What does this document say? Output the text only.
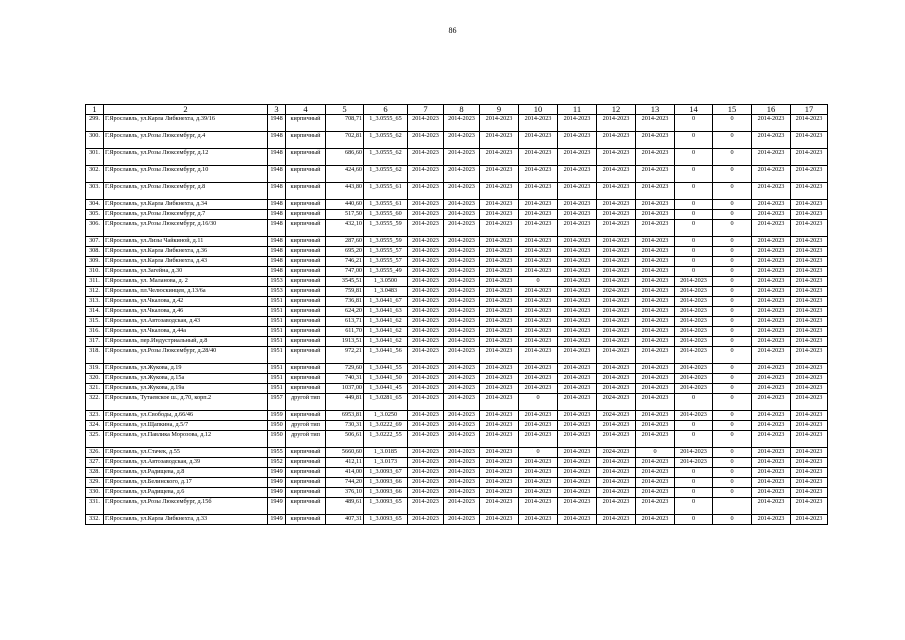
86
1	2	3	4	5	6	7	8	9	10	11	12	13	14	15	16	17
299.	Г.Ярославль, ул.Карла Либкнехта, д.39/16	1948	кирпичный	708,71	1_3.0555_65	2014-2023	2014-2023	2014-2023	2014-2023	2014-2023	2014-2023	2014-2023	0	0	2014-2023	2014-2023
300.	Г.Ярославль, ул.Розы Люксембург, д.4	1948	кирпичный	702,81	1_3.0555_62	2014-2023	2014-2023	2014-2023	2014-2023	2014-2023	2014-2023	2014-2023	0	0	2014-2023	2014-2023
301.	Г.Ярославль, ул.Розы Люксембург, д.12	1948	кирпичный	686,60	1_3.0555_62	2014-2023	2014-2023	2014-2023	2014-2023	2014-2023	2014-2023	2014-2023	0	0	2014-2023	2014-2023
302.	Г.Ярославль, ул.Розы Люксембург, д.10	1948	кирпичный	424,60	1_3.0555_62	2014-2023	2014-2023	2014-2023	2014-2023	2014-2023	2014-2023	2014-2023	0	0	2014-2023	2014-2023
303.	Г.Ярославль, ул.Розы Люксембург, д.8	1948	кирпичный	443,80	1_3.0555_61	2014-2023	2014-2023	2014-2023	2014-2023	2014-2023	2014-2023	2014-2023	0	0	2014-2023	2014-2023
304.	Г.Ярославль, ул.Карла Либкнехта, д.34	1948	кирпичный	440,60	1_3.0555_61	2014-2023	2014-2023	2014-2023	2014-2023	2014-2023	2014-2023	2014-2023	0	0	2014-2023	2014-2023
305.	Г.Ярославль, ул.Розы Люксембург, д.7	1948	кирпичный	517,50	1_3.0555_60	2014-2023	2014-2023	2014-2023	2014-2023	2014-2023	2014-2023	2014-2023	0	0	2014-2023	2014-2023
306.	Г.Ярославль, ул.Розы Люксембург, д.16/30	1948	кирпичный	432,10	1_3.0555_59	2014-2023	2014-2023	2014-2023	2014-2023	2014-2023	2014-2023	2014-2023	0	0	2014-2023	2014-2023
307.	Г.Ярославль, ул.Лизы Чайкиной, д.11	1948	кирпичный	287,60	1_3.0555_59	2014-2023	2014-2023	2014-2023	2014-2023	2014-2023	2014-2023	2014-2023	0	0	2014-2023	2014-2023
308.	Г.Ярославль, ул.Карла Либкнехта, д.36	1948	кирпичный	695,20	1_3.0555_57	2014-2023	2014-2023	2014-2023	2014-2023	2014-2023	2014-2023	2014-2023	0	0	2014-2023	2014-2023
309.	Г.Ярославль, ул.Карла Либкнехта, д.43	1948	кирпичный	746,21	1_3.0555_57	2014-2023	2014-2023	2014-2023	2014-2023	2014-2023	2014-2023	2014-2023	0	0	2014-2023	2014-2023
310.	Г.Ярославль, ул.Загейна, д.30	1948	кирпичный	747,00	1_3.0555_49	2014-2023	2014-2023	2014-2023	2014-2023	2014-2023	2014-2023	2014-2023	0	0	2014-2023	2014-2023
311.	Г.Ярославль, ул. Маланова, д. 2	1953	кирпичный	3545,51	1_3.0500	2014-2023	2014-2023	2014-2023	0	2014-2023	2014-2023	2014-2023	2014-2023	0	2014-2023	2014-2023
312.	Г.Ярославль, пл.Челюскинцев, д.13/6а	1953	кирпичный	759,81	1_3.0483	2014-2023	2014-2023	2014-2023	2014-2023	2014-2023	2024-2023	2014-2023	2014-2023	0	2014-2023	2014-2023
313.	Г.Ярославль, ул.Чкалова, д.42	1951	кирпичный	736,81	1_3.0441_67	2014-2023	2014-2023	2014-2023	2014-2023	2014-2023	2014-2023	2014-2023	2014-2023	0	2014-2023	2014-2023
314.	Г.Ярославль, ул.Чкалова, д.46	1951	кирпичный	624,20	1_3.0441_63	2014-2023	2014-2023	2014-2023	2014-2023	2014-2023	2014-2023	2014-2023	2014-2023	0	2014-2023	2014-2023
315.	Г.Ярославль, ул.Автозаводская, д.43	1951	кирпичный	613,71	1_3.0441_62	2014-2023	2014-2023	2014-2023	2014-2023	2014-2023	2014-2023	2014-2023	2014-2023	0	2014-2023	2014-2023
316.	Г.Ярославль, ул.Чкалова, д.44а	1951	кирпичный	611,70	1_3.0441_62	2014-2023	2014-2023	2014-2023	2014-2023	2014-2023	2014-2023	2014-2023	2014-2023	0	2014-2023	2014-2023
317.	Г.Ярославль, пер.Индустриальный, д.8	1951	кирпичный	1913,51	1_3.0441_62	2014-2023	2014-2023	2014-2023	2014-2023	2014-2023	2014-2023	2014-2023	2014-2023	0	2014-2023	2014-2023
318.	Г.Ярославль, ул.Розы Люксембург, д.28/40	1951	кирпичный	972,21	1_3.0441_56	2014-2023	2014-2023	2014-2023	2014-2023	2014-2023	2014-2023	2014-2023	2014-2023	0	2014-2023	2014-2023
319.	Г.Ярославль, ул.Жукова, д.19	1951	кирпичный	729,60	1_3.0441_55	2014-2023	2014-2023	2014-2023	2014-2023	2014-2023	2014-2023	2014-2023	2014-2023	0	2014-2023	2014-2023
320.	Г.Ярославль, ул.Жукова, д.15а	1951	кирпичный	740,31	1_3.0441_50	2014-2023	2014-2023	2014-2023	2014-2023	2014-2023	2014-2023	2014-2023	2014-2023	0	2014-2023	2014-2023
321.	Г.Ярославль, ул.Жукова, д.19а	1951	кирпичный	1037,00	1_3.0441_45	2014-2023	2014-2023	2014-2023	2014-2023	2014-2023	2014-2023	2014-2023	2014-2023	0	2014-2023	2014-2023
322.	Г.Ярославль, Тутаевское ш., д.70, корп.2	1957	другой тип	449,81	1_3.0281_65	2014-2023	2014-2023	2014-2023	0	2014-2023	2024-2023	2014-2023	0	0	2014-2023	2014-2023
323.	Г.Ярославль, ул.Свободы, д.66/46	1959	кирпичный	6953,81	1_3.0250	2014-2023	2014-2023	2014-2023	2014-2023	2014-2023	2024-2023	2014-2023	2014-2023	0	2014-2023	2014-2023
324.	Г.Ярославль, ул.Щапкина, д.5/7	1950	другой тип	730,31	1_3.0222_69	2014-2023	2014-2023	2014-2023	2014-2023	2014-2023	2014-2023	2014-2023	0	0	2014-2023	2014-2023
325.	Г.Ярославль, ул.Павлика Морозова, д.12	1950	другой тип	506,61	1_3.0222_55	2014-2023	2014-2023	2014-2023	2014-2023	2014-2023	2014-2023	2014-2023	0	0	2014-2023	2014-2023
326.	Г.Ярославль, ул.Стачек, д.55	1955	кирпичный	5660,60	1_3.0185	2014-2023	2014-2023	2014-2023	0	2014-2023	2024-2023	0	2014-2023	0	2014-2023	2014-2023
327.	Г.Ярославль, ул.Автозаводская, д.39	1952	кирпичный	412,11	1_3.0173	2014-2023	2014-2023	2014-2023	2014-2023	2014-2023	2014-2023	2014-2023	2014-2023	0	2014-2023	2014-2023
328.	Г.Ярославль, ул.Радищева, д.8	1949	кирпичный	414,00	1_3.0093_67	2014-2023	2014-2023	2014-2023	2014-2023	2014-2023	2014-2023	2014-2023	0	0	2014-2023	2014-2023
329.	Г.Ярославль, ул.Белинского, д.17	1949	кирпичный	744,20	1_3.0093_66	2014-2023	2014-2023	2014-2023	2014-2023	2014-2023	2014-2023	2014-2023	0	0	2014-2023	2014-2023
330.	Г.Ярославль, ул.Радищева, д.6	1949	кирпичный	376,10	1_3.0093_66	2014-2023	2014-2023	2014-2023	2014-2023	2014-2023	2014-2023	2014-2023	0	0	2014-2023	2014-2023
331.	Г.Ярославль, ул.Розы Люксембург, д.15б	1949	кирпичный	489,61	1_3.0093_65	2014-2023	2014-2023	2014-2023	2014-2023	2014-2023	2014-2023	2014-2023	0		2014-2023	2014-2023
332.	Г.Ярославль, ул.Карла Либкнехта, д.33	1949	кирпичный	407,31	1_3.0093_65	2014-2023	2014-2023	2014-2023	2014-2023	2014-2023	2014-2023	2014-2023	0	0	2014-2023	2014-2023
